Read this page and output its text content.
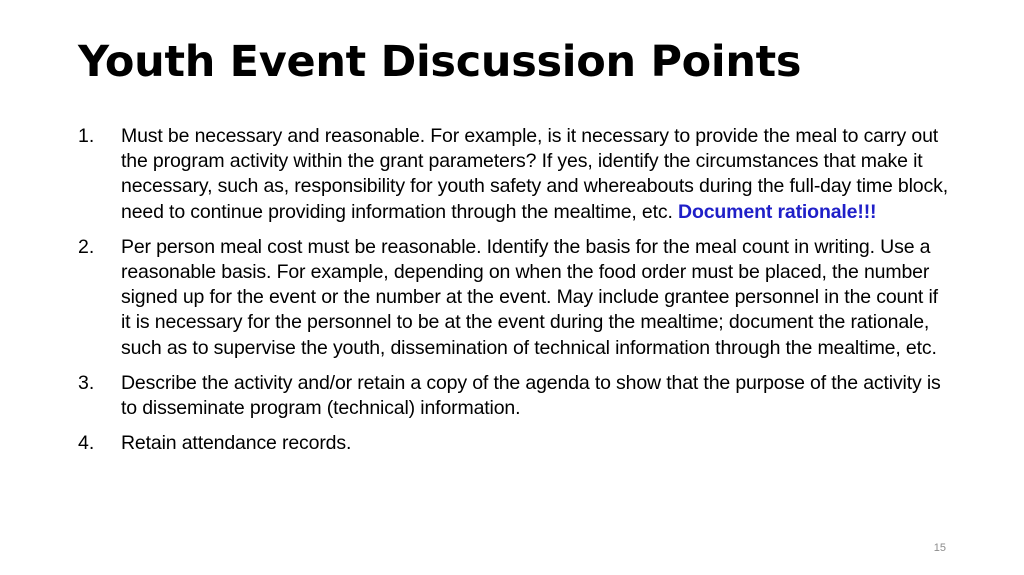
Youth Event Discussion Points
1.	Must be necessary and reasonable. For example, is it necessary to provide the meal to carry out the program activity within the grant parameters? If yes, identify the circumstances that make it necessary, such as, responsibility for youth safety and whereabouts during the full-day time block, need to continue providing information through the mealtime, etc. Document rationale!!!
2.	Per person meal cost must be reasonable. Identify the basis for the meal count in writing. Use a reasonable basis. For example, depending on when the food order must be placed, the number signed up for the event or the number at the event. May include grantee personnel in the count if it is necessary for the personnel to be at the event during the mealtime; document the rationale, such as to supervise the youth, dissemination of technical information through the mealtime, etc.
3.	Describe the activity and/or retain a copy of the agenda to show that the purpose of the activity is to disseminate program (technical) information.
4.	Retain attendance records.
15
